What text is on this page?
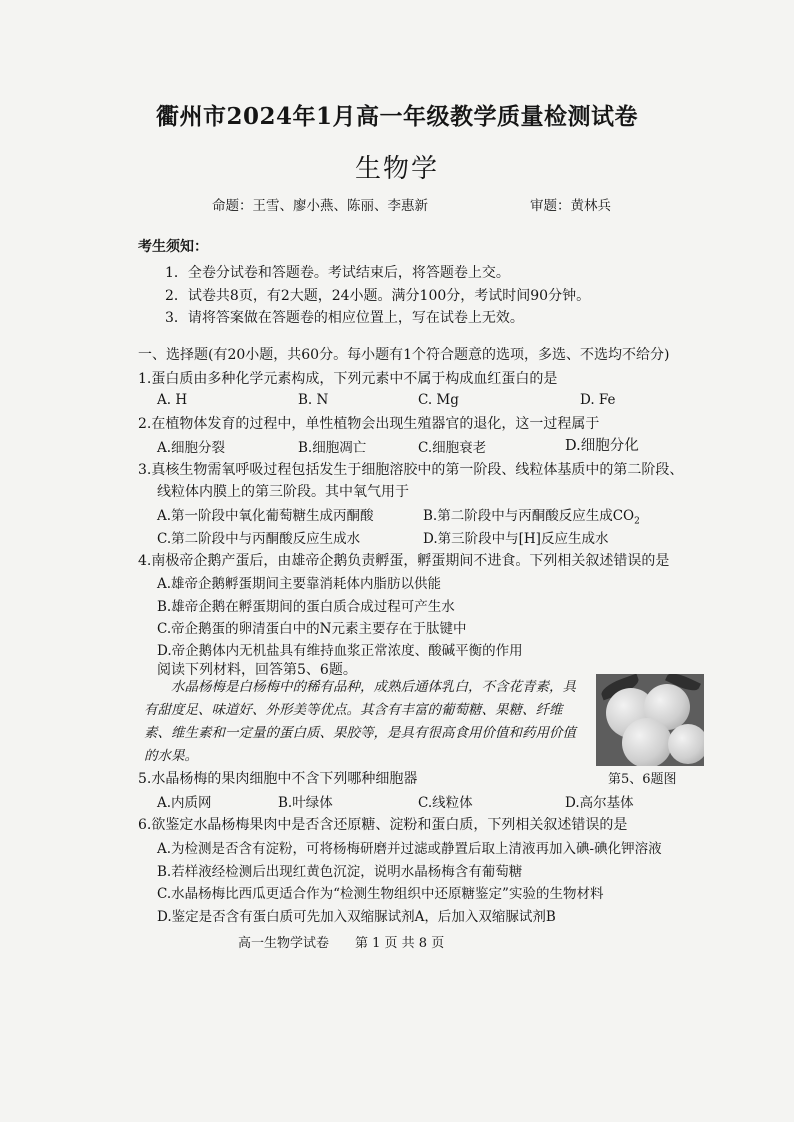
衢州市2024年1月高一年级教学质量检测试卷
生物学
命题：王雪、廖小燕、陈丽、李惠新	审题：黄林兵
考生须知：
1．全卷分试卷和答题卷。考试结束后，将答题卷上交。
2．试卷共8页，有2大题，24小题。满分100分，考试时间90分钟。
3．请将答案做在答题卷的相应位置上，写在试卷上无效。
一、选择题(有20小题，共60分。每小题有1个符合题意的选项，多选、不选均不给分)
1.蛋白质由多种化学元素构成，下列元素中不属于构成血红蛋白的是
A. H	B. N	C. Mg	D. Fe
2.在植物体发育的过程中，单性植物会出现生殖器官的退化，这一过程属于
A.细胞分裂	B.细胞凋亡	C.细胞衰老	D.细胞分化
3.真核生物需氧呼吸过程包括发生于细胞溶胶中的第一阶段、线粒体基质中的第二阶段、
线粒体内膜上的第三阶段。其中氧气用于
A.第一阶段中氧化葡萄糖生成丙酮酸	B.第二阶段中与丙酮酸反应生成$CO_2$
C.第二阶段中与丙酮酸反应生成水	D.第三阶段中与[H]反应生成水
4.南极帝企鹅产蛋后，由雄帝企鹅负责孵蛋，孵蛋期间不进食。下列相关叙述错误的是
A.雄帝企鹅孵蛋期间主要靠消耗体内脂肪以供能
B.雄帝企鹅在孵蛋期间的蛋白质合成过程可产生水
C.帝企鹅蛋的卵清蛋白中的N元素主要存在于肽键中
D.帝企鹅体内无机盐具有维持血浆正常浓度、酸碱平衡的作用
阅读下列材料，回答第5、6题。
水晶杨梅是白杨梅中的稀有品种，成熟后通体乳白，不含花青素，具有甜度足、味道好、外形美等优点。其含有丰富的葡萄糖、果糖、纤维素、维生素和一定量的蛋白质、果胶等，是具有很高食用价值和药用价值的水果。
第5、6题图
5.水晶杨梅的果肉细胞中不含下列哪种细胞器
A.内质网	B.叶绿体	C.线粒体	D.高尔基体
6.欲鉴定水晶杨梅果肉中是否含还原糖、淀粉和蛋白质，下列相关叙述错误的是
A.为检测是否含有淀粉，可将杨梅研磨并过滤或静置后取上清液再加入碘-碘化钾溶液
B.若样液经检测后出现红黄色沉淀，说明水晶杨梅含有葡萄糖
C.水晶杨梅比西瓜更适合作为“检测生物组织中还原糖鉴定”实验的生物材料
D.鉴定是否含有蛋白质可先加入双缩脲试剂A，后加入双缩脲试剂B
高一生物学试卷　　第 1 页 共 8 页
